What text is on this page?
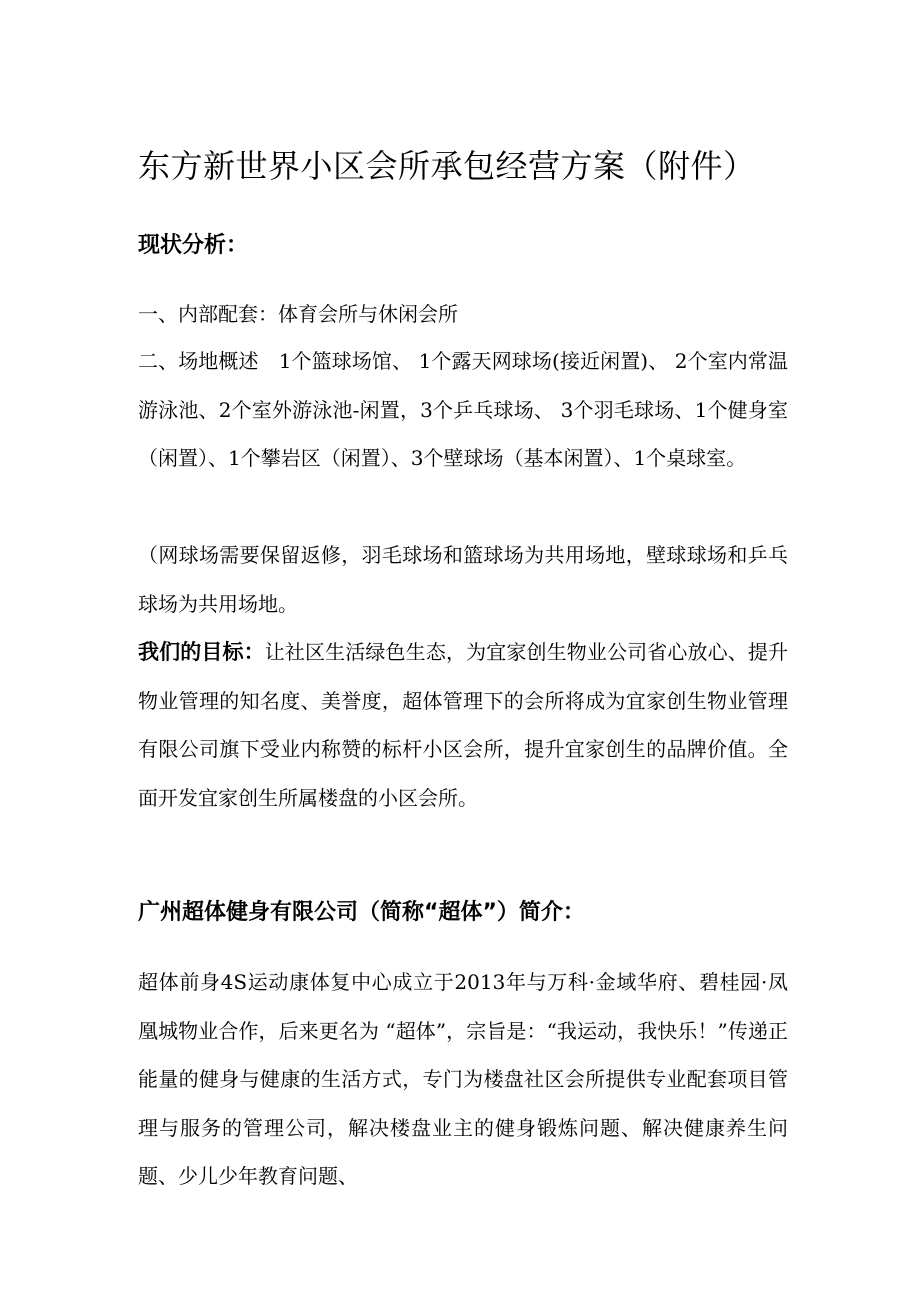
东方新世界小区会所承包经营方案（附件）
现状分析：

一、内部配套：体育会所与休闲会所

二、场地概述　1个篮球场馆、 1个露天网球场(接近闲置)、 2个室内常温游泳池、2个室外游泳池-闲置，3个乒乓球场、 3个羽毛球场、1个健身室（闲置）、1个攀岩区（闲置）、3个壁球场（基本闲置）、1个桌球室。

（网球场需要保留返修，羽毛球场和篮球场为共用场地，壁球球场和乒乓球场为共用场地。

我们的目标：让社区生活绿色生态，为宜家创生物业公司省心放心、提升物业管理的知名度、美誉度，超体管理下的会所将成为宜家创生物业管理有限公司旗下受业内称赞的标杆小区会所，提升宜家创生的品牌价值。全面开发宜家创生所属楼盘的小区会所。

广州超体健身有限公司（简称“超体”）简介：

超体前身4S运动康体复中心成立于2013年与万科·金域华府、碧桂园·凤凰城物业合作，后来更名为 “超体”，宗旨是：“我运动，我快乐！”传递正能量的健身与健康的生活方式，专门为楼盘社区会所提供专业配套项目管理与服务的管理公司，解决楼盘业主的健身锻炼问题、解决健康养生问题、少儿少年教育问题、
